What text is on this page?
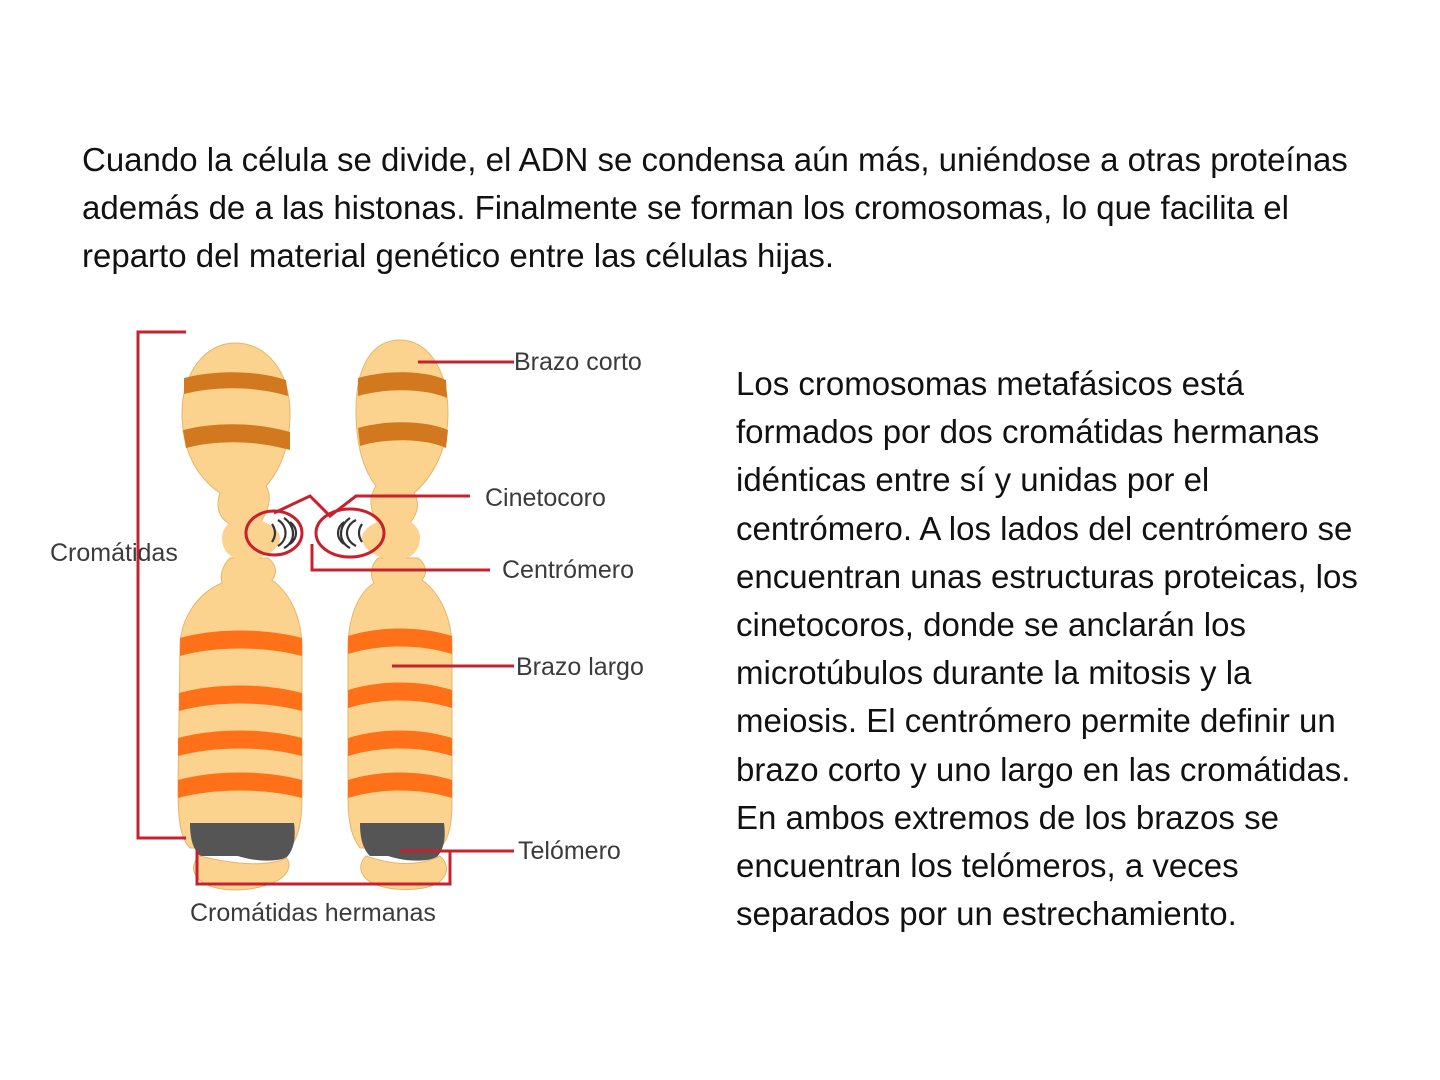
Cuando la célula se divide, el ADN se condensa aún más, uniéndose a otras proteínas además de a las histonas. Finalmente se forman los cromosomas, lo que facilita el reparto del material genético entre las células hijas.

Brazo corto
Cinetocoro
Centrómero
Brazo largo
Telómero
Cromátidas
Cromátidas hermanas

Los cromosomas metafásicos está formados por dos cromátidas hermanas idénticas entre sí y unidas por el centrómero. A los lados del centrómero se encuentran unas estructuras proteicas, los cinetocoros, donde se anclarán los microtúbulos durante la mitosis y la meiosis. El centrómero permite definir un brazo corto y uno largo en las cromátidas. En ambos extremos de los brazos se encuentran los telómeros, a veces separados por un estrechamiento.
